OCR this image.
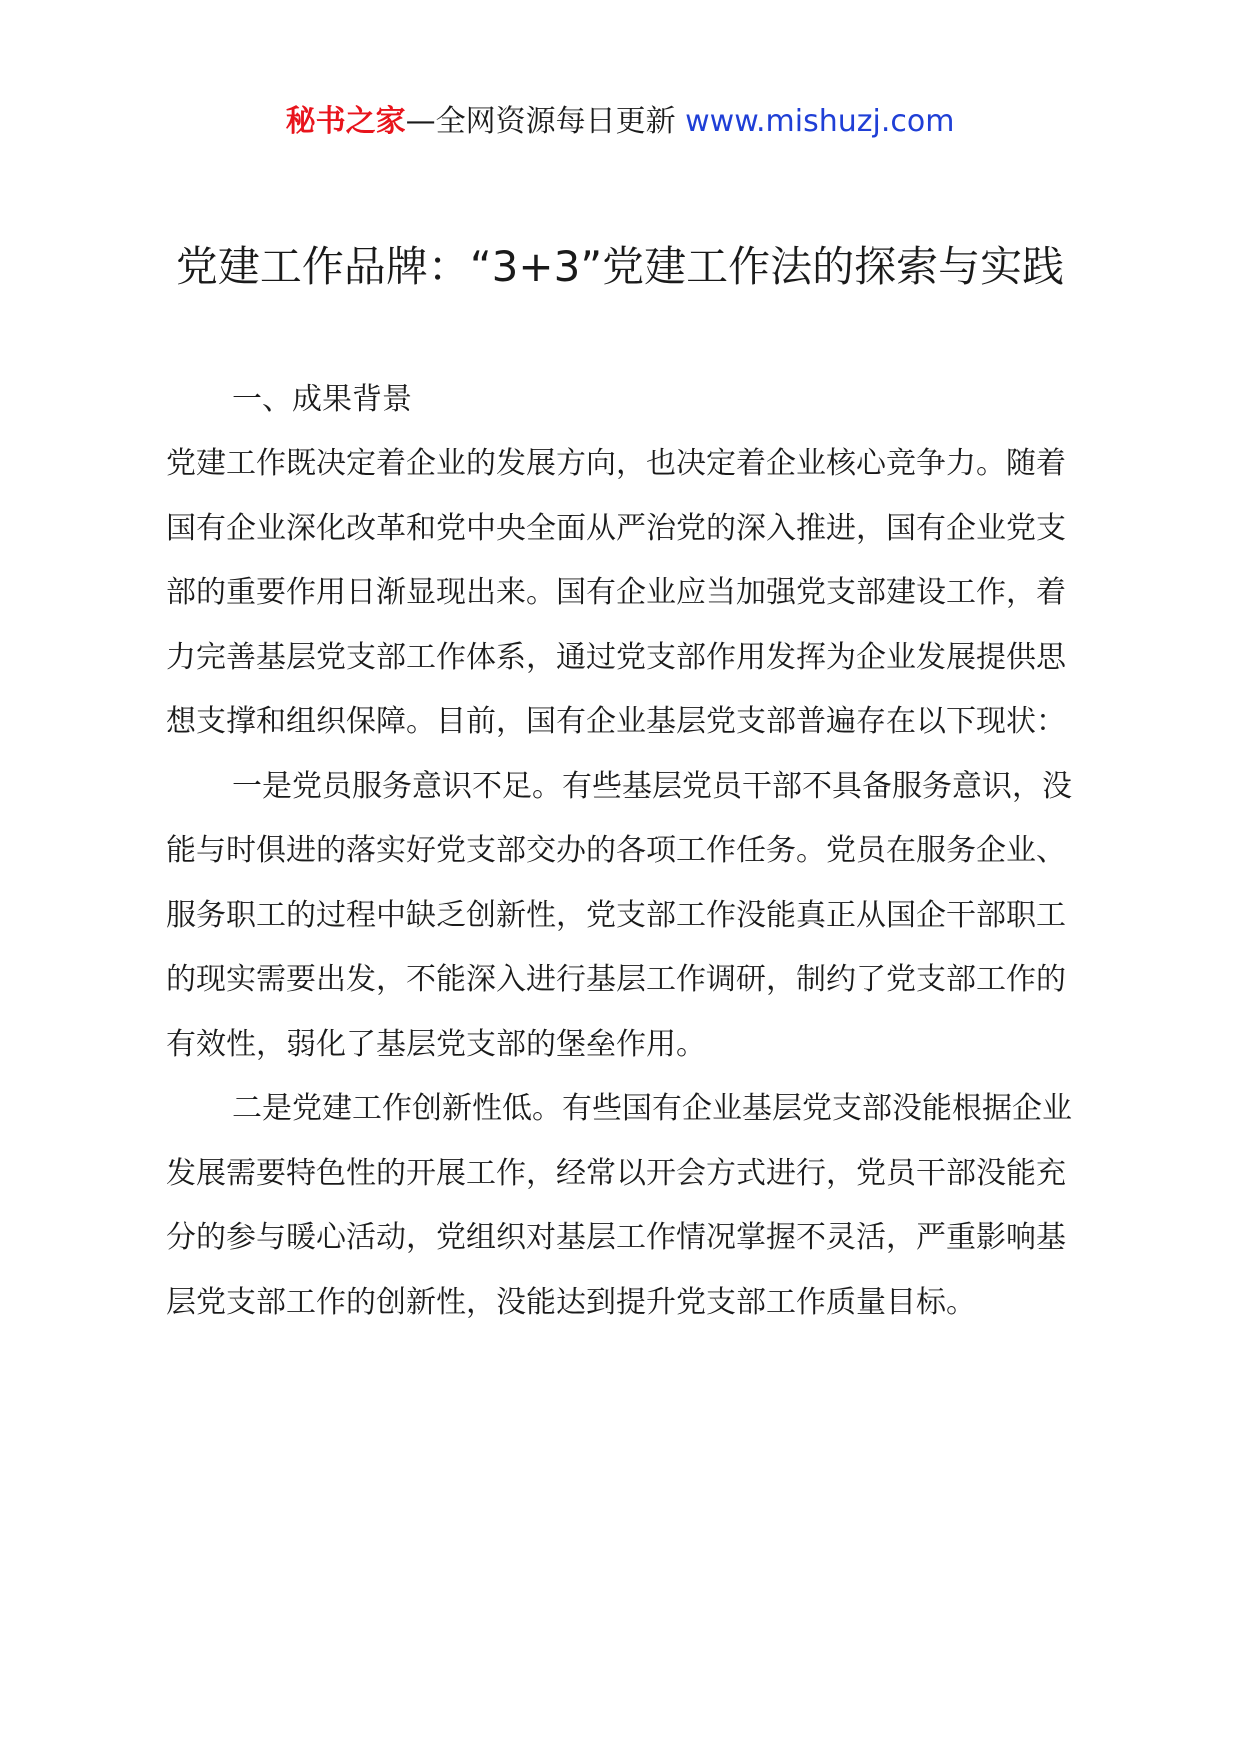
秘书之家—全网资源每日更新 www.mishuzj.com
党建工作品牌：“3+3”党建工作法的探索与实践

一、成果背景

党建工作既决定着企业的发展方向，也决定着企业核心竞争力。随着国有企业深化改革和党中央全面从严治党的深入推进，国有企业党支部的重要作用日渐显现出来。国有企业应当加强党支部建设工作，着力完善基层党支部工作体系，通过党支部作用发挥为企业发展提供思想支撑和组织保障。目前，国有企业基层党支部普遍存在以下现状：

一是党员服务意识不足。有些基层党员干部不具备服务意识，没能与时俱进的落实好党支部交办的各项工作任务。党员在服务企业、服务职工的过程中缺乏创新性，党支部工作没能真正从国企干部职工的现实需要出发，不能深入进行基层工作调研，制约了党支部工作的有效性，弱化了基层党支部的堡垒作用。

二是党建工作创新性低。有些国有企业基层党支部没能根据企业发展需要特色性的开展工作，经常以开会方式进行，党员干部没能充分的参与暖心活动，党组织对基层工作情况掌握不灵活，严重影响基层党支部工作的创新性，没能达到提升党支部工作质量目标。
